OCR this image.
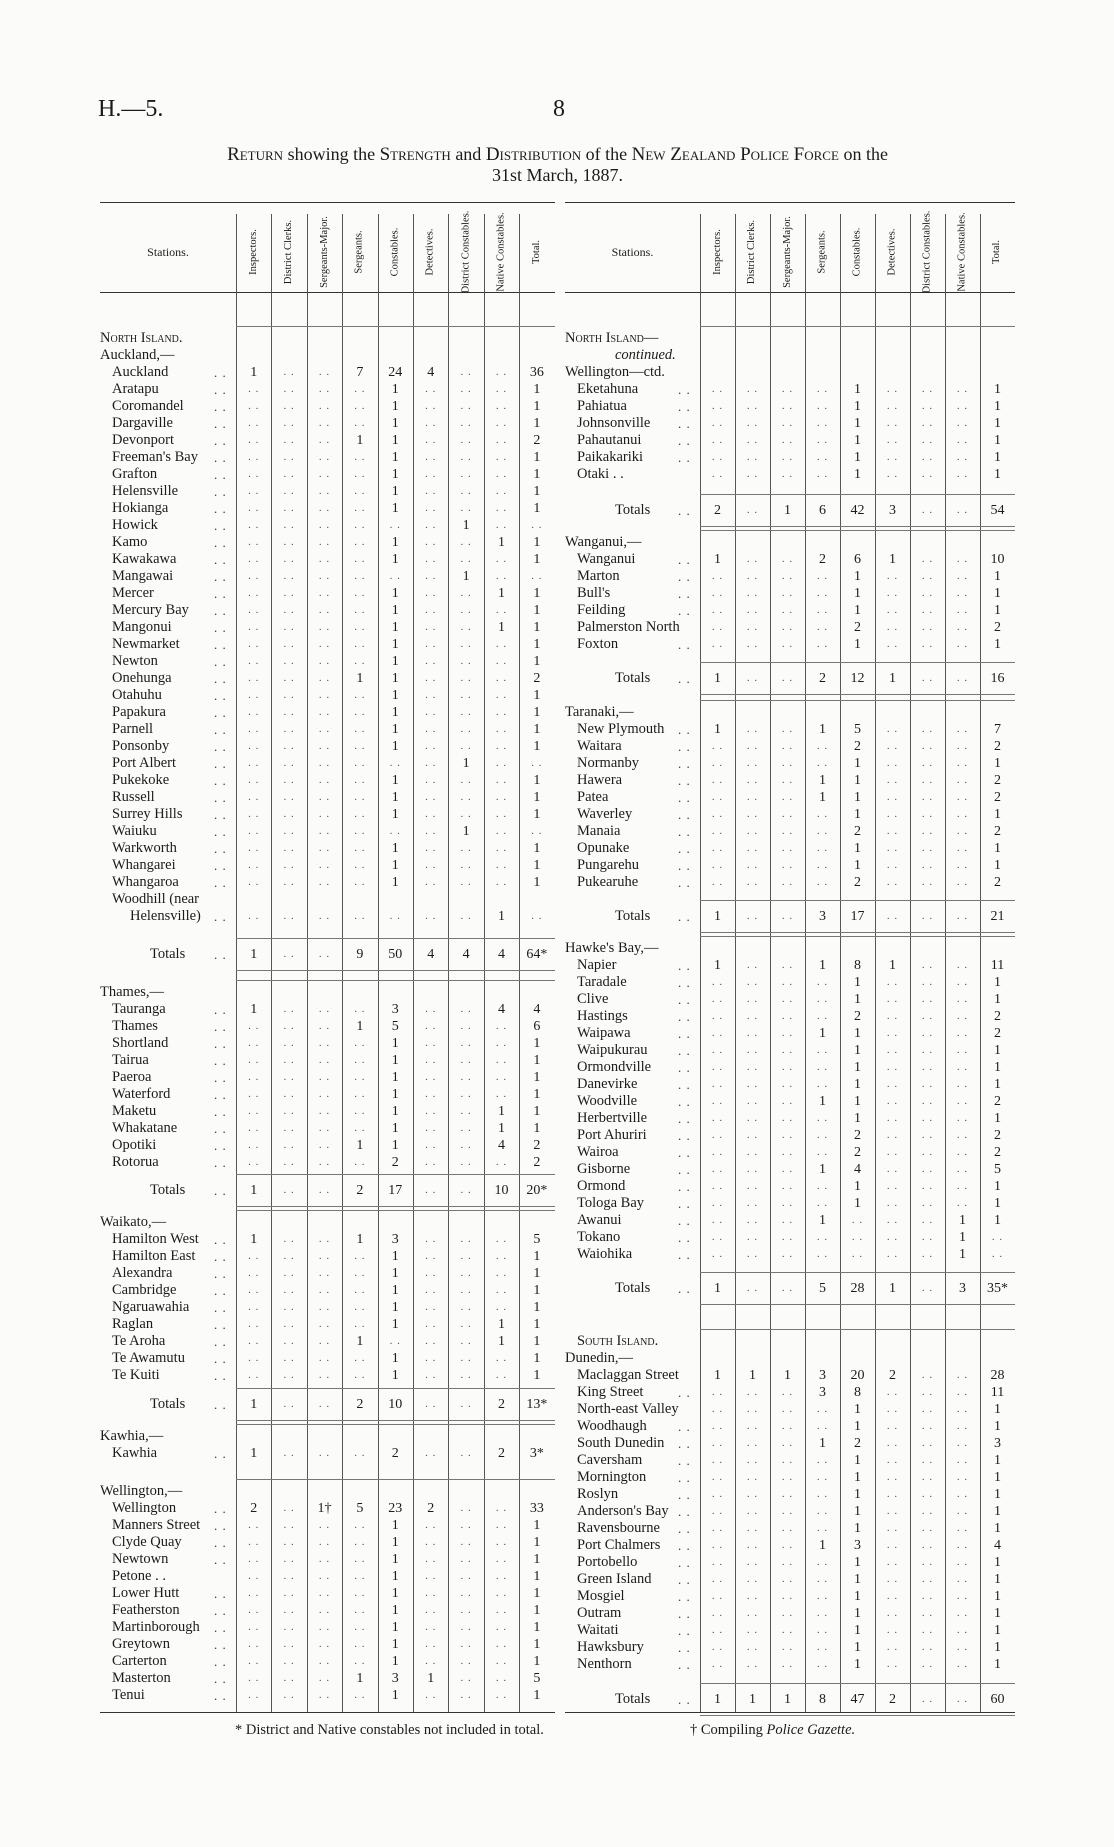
H.—5.	8
Return showing the Strength and Distribution of the New Zealand Police Force on the
31st March, 1887.
Stations.	Inspectors. District Clerks. Sergeants-Major. Sergeants. Constables. Detectives. District Constables. Native Constables. Total.
North Island.
Auckland,—
Auckland	. .	1	. .	. .	7	24	4	. .	. .	36
Aratapu	. .	. .	. .	. .	. .	1	. .	. .	. .	1
Coromandel . .	. .	. .	. .	. .	1	. .	. .	. .	1
Dargaville	. .	. .	. .	. .	. .	1	. .	. .	. .	1
Devonport	. .	. .	. .	. .	1	1	. .	. .	. .	2
Freeman's Bay . .	. .	. .	. .	. .	1	. .	. .	. .	1
Grafton	. .	. .	. .	. .	. .	1	. .	. .	. .	1
Helensville	. .	. .	. .	. .	. .	1	. .	. .	. .	1
Hokianga	. .	. .	. .	. .	. .	1	. .	. .	. .	1
Howick	. .	. .	. .	. .	. .	. .	. .	1	. .	. .
Kamo	. .	. .	. .	. .	. .	1	. .	. .	1	1
Kawakawa	. .	. .	. .	. .	. .	1	. .	. .	. .	1
Mangawai	. .	. .	. .	. .	. .	. .	. .	1	. .	. .
Mercer	. .	. .	. .	. .	. .	1	. .	. .	1	1
Mercury Bay . .	. .	. .	. .	. .	1	. .	. .	. .	1
Mangonui	. .	. .	. .	. .	. .	1	. .	. .	1	1
Newmarket	. .	. .	. .	. .	. .	1	. .	. .	. .	1
Newton	. .	. .	. .	. .	. .	1	. .	. .	. .	1
Onehunga	. .	. .	. .	. .	1	1	. .	. .	. .	2
Otahuhu	. .	. .	. .	. .	. .	1	. .	. .	. .	1
Papakura	. .	. .	. .	. .	. .	1	. .	. .	. .	1
Parnell	. .	. .	. .	. .	. .	1	. .	. .	. .	1
Ponsonby	. .	. .	. .	. .	. .	1	. .	. .	. .	1
Port Albert	. .	. .	. .	. .	. .	. .	. .	1	. .	. .
Pukekoke	. .	. .	. .	. .	. .	1	. .	. .	. .	1
Russell	. .	. .	. .	. .	. .	1	. .	. .	. .	1
Surrey Hills . .	. .	. .	. .	. .	1	. .	. .	. .	1
Waiuku	. .	. .	. .	. .	. .	. .	. .	1	. .	. .
Warkworth	. .	. .	. .	. .	. .	1	. .	. .	. .	1
Whangarei	. .	. .	. .	. .	. .	1	. .	. .	. .	1
Whangaroa	. .	. .	. .	. .	. .	1	. .	. .	. .	1
Woodhill (near
Helensville) . .	. .	. .	. .	. .	. .	. .	. .	1	. .
Totals . .	1	. .	. .	9	50	4	4	4	64*
Thames,—
Tauranga	. .	1	. .	. .	. .	3	. .	. .	4	4
Thames	. .	. .	. .	. .	1	5	. .	. .	. .	6
Shortland	. .	. .	. .	. .	. .	1	. .	. .	. .	1
Tairua	. .	. .	. .	. .	. .	1	. .	. .	. .	1
Paeroa	. .	. .	. .	. .	. .	1	. .	. .	. .	1
Waterford	. .	. .	. .	. .	. .	1	. .	. .	. .	1
Maketu	. .	. .	. .	. .	. .	1	. .	. .	1	1
Whakatane	. .	. .	. .	. .	. .	1	. .	. .	1	1
Opotiki	. .	. .	. .	. .	1	1	. .	. .	4	2
Rotorua	. .	. .	. .	. .	. .	2	. .	. .	. .	2
Totals . .	1	. .	. .	2	17	. .	. .	10	20*
Waikato,—
Hamilton West . .	1	. .	. .	1	3	. .	. .	. .	5
Hamilton East . .	. .	. .	. .	. .	1	. .	. .	. .	1
Alexandra	. .	. .	. .	. .	. .	1	. .	. .	. .	1
Cambridge	. .	. .	. .	. .	. .	1	. .	. .	. .	1
Ngaruawahia . .	. .	. .	. .	. .	1	. .	. .	. .	1
Raglan	. .	. .	. .	. .	. .	1	. .	. .	1	1
Te Aroha	. .	. .	. .	. .	1	. .	. .	. .	1	1
Te Awamutu . .	. .	. .	. .	. .	1	. .	. .	. .	1
Te Kuiti	. .	. .	. .	. .	. .	1	. .	. .	. .	1
Totals . .	1	. .	. .	2	10	. .	. .	2	13*
Kawhia,—
Kawhia	. .	1	. .	. .	. .	2	. .	. .	2	3*
Wellington,—
Wellington	. .	2	. .	1†	5	23	2	. .	. .	33
Manners Street . .	. .	. .	. .	. .	1	. .	. .	. .	1
Clyde Quay . .	. .	. .	. .	. .	1	. .	. .	. .	1
Newtown	. .	. .	. .	. .	. .	1	. .	. .	. .	1
Petone . .	. .	. .	. .	. .	1	. .	. .	. .	1
Lower Hutt	. .	. .	. .	. .	. .	1	. .	. .	. .	1
Featherston	. .	. .	. .	. .	. .	1	. .	. .	. .	1
Martinborough . .	. .	. .	. .	. .	1	. .	. .	. .	1
Greytown	. .	. .	. .	. .	. .	1	. .	. .	. .	1
Carterton	. .	. .	. .	. .	. .	1	. .	. .	. .	1
Masterton	. .	. .	. .	. .	1	3	1	. .	. .	5
Tenui	. .	. .	. .	. .	. .	1	. .	. .	. .	1
Stations.	Inspectors. District Clerks. Sergeants-Major. Sergeants. Constables. Detectives. District Constables. Native Constables. Total.
North Island—
continued.
Wellington—ctd.
Eketahuna	. .	. .	. .	. .	. .	1	. .	. .	. .	1
Pahiatua	. .	. .	. .	. .	. .	1	. .	. .	. .	1
Johnsonville . .	. .	. .	. .	. .	1	. .	. .	. .	1
Pahautanui	. .	. .	. .	. .	. .	1	. .	. .	. .	1
Paikakariki	. .	. .	. .	. .	. .	1	. .	. .	. .	1
Otaki . .	. .	. .	. .	. .	1	. .	. .	. .	1
Totals . .	2	. .	1	6	42	3	. .	. .	54
Wanganui,—
Wanganui	. .	1	. .	. .	2	6	1	. .	. .	10
Marton	. .	. .	. .	. .	. .	1	. .	. .	. .	1
Bull's	. .	. .	. .	. .	. .	1	. .	. .	. .	1
Feilding	. .	. .	. .	. .	. .	1	. .	. .	. .	1
Palmerston North	. .	. .	. .	. .	2	. .	. .	. .	2
Foxton	. .	. .	. .	. .	. .	1	. .	. .	. .	1
Totals . .	1	. .	. .	2	12	1	. .	. .	16
Taranaki,—
New Plymouth . .	1	. .	. .	1	5	. .	. .	. .	7
Waitara	. .	. .	. .	. .	. .	2	. .	. .	. .	2
Normanby	. .	. .	. .	. .	. .	1	. .	. .	. .	1
Hawera	. .	. .	. .	. .	1	1	. .	. .	. .	2
Patea	. .	. .	. .	. .	1	1	. .	. .	. .	2
Waverley	. .	. .	. .	. .	. .	1	. .	. .	. .	1
Manaia	. .	. .	. .	. .	. .	2	. .	. .	. .	2
Opunake	. .	. .	. .	. .	. .	1	. .	. .	. .	1
Pungarehu	. .	. .	. .	. .	. .	1	. .	. .	. .	1
Pukearuhe	. .	. .	. .	. .	. .	2	. .	. .	. .	2
Totals . .	1	. .	. .	3	17	. .	. .	. .	21
Hawke's Bay,—
Napier	. .	1	. .	. .	1	8	1	. .	. .	11
Taradale	. .	. .	. .	. .	. .	1	. .	. .	. .	1
Clive	. .	. .	. .	. .	. .	1	. .	. .	. .	1
Hastings	. .	. .	. .	. .	. .	2	. .	. .	. .	2
Waipawa	. .	. .	. .	. .	1	1	. .	. .	. .	2
Waipukurau . .	. .	. .	. .	. .	1	. .	. .	. .	1
Ormondville . .	. .	. .	. .	. .	1	. .	. .	. .	1
Danevirke	. .	. .	. .	. .	. .	1	. .	. .	. .	1
Woodville	. .	. .	. .	. .	1	1	. .	. .	. .	2
Herbertville . .	. .	. .	. .	. .	1	. .	. .	. .	1
Port Ahuriri . .	. .	. .	. .	. .	2	. .	. .	. .	2
Wairoa	. .	. .	. .	. .	. .	2	. .	. .	. .	2
Gisborne	. .	. .	. .	. .	1	4	. .	. .	. .	5
Ormond	. .	. .	. .	. .	. .	1	. .	. .	. .	1
Tologa Bay	. .	. .	. .	. .	. .	1	. .	. .	. .	1
Awanui	. .	. .	. .	. .	1	. .	. .	. .	1	1
Tokano	. .	. .	. .	. .	. .	. .	. .	. .	1	. .
Waiohika	. .	. .	. .	. .	. .	. .	. .	. .	1	. .
Totals . .	1	. .	. .	5	28	1	. .	3	35*
South Island.
Dunedin,—
Maclaggan Street	1	1	1	3	20	2	. .	. .	28
King Street	. .	. .	. .	. .	3	8	. .	. .	. .	11
North-east Valley	. .	. .	. .	. .	1	. .	. .	. .	1
Woodhaugh . .	. .	. .	. .	. .	1	. .	. .	. .	1
South Dunedin . .	. .	. .	. .	1	2	. .	. .	. .	3
Caversham	. .	. .	. .	. .	. .	1	. .	. .	. .	1
Mornington . .	. .	. .	. .	. .	1	. .	. .	. .	1
Roslyn	. .	. .	. .	. .	. .	1	. .	. .	. .	1
Anderson's Bay . .	. .	. .	. .	. .	1	. .	. .	. .	1
Ravensbourne . .	. .	. .	. .	. .	1	. .	. .	. .	1
Port Chalmers . .	. .	. .	. .	1	3	. .	. .	. .	4
Portobello	. .	. .	. .	. .	. .	1	. .	. .	. .	1
Green Island . .	. .	. .	. .	. .	1	. .	. .	. .	1
Mosgiel	. .	. .	. .	. .	. .	1	. .	. .	. .	1
Outram	. .	. .	. .	. .	. .	1	. .	. .	. .	1
Waitati	. .	. .	. .	. .	. .	1	. .	. .	. .	1
Hawksbury	. .	. .	. .	. .	. .	1	. .	. .	. .	1
Nenthorn	. .	. .	. .	. .	. .	1	. .	. .	. .	1
Totals . .	1	1	1	8	47	2	. .	. .	60
* District and Native constables not included in total.	† Compiling Police Gazette.
